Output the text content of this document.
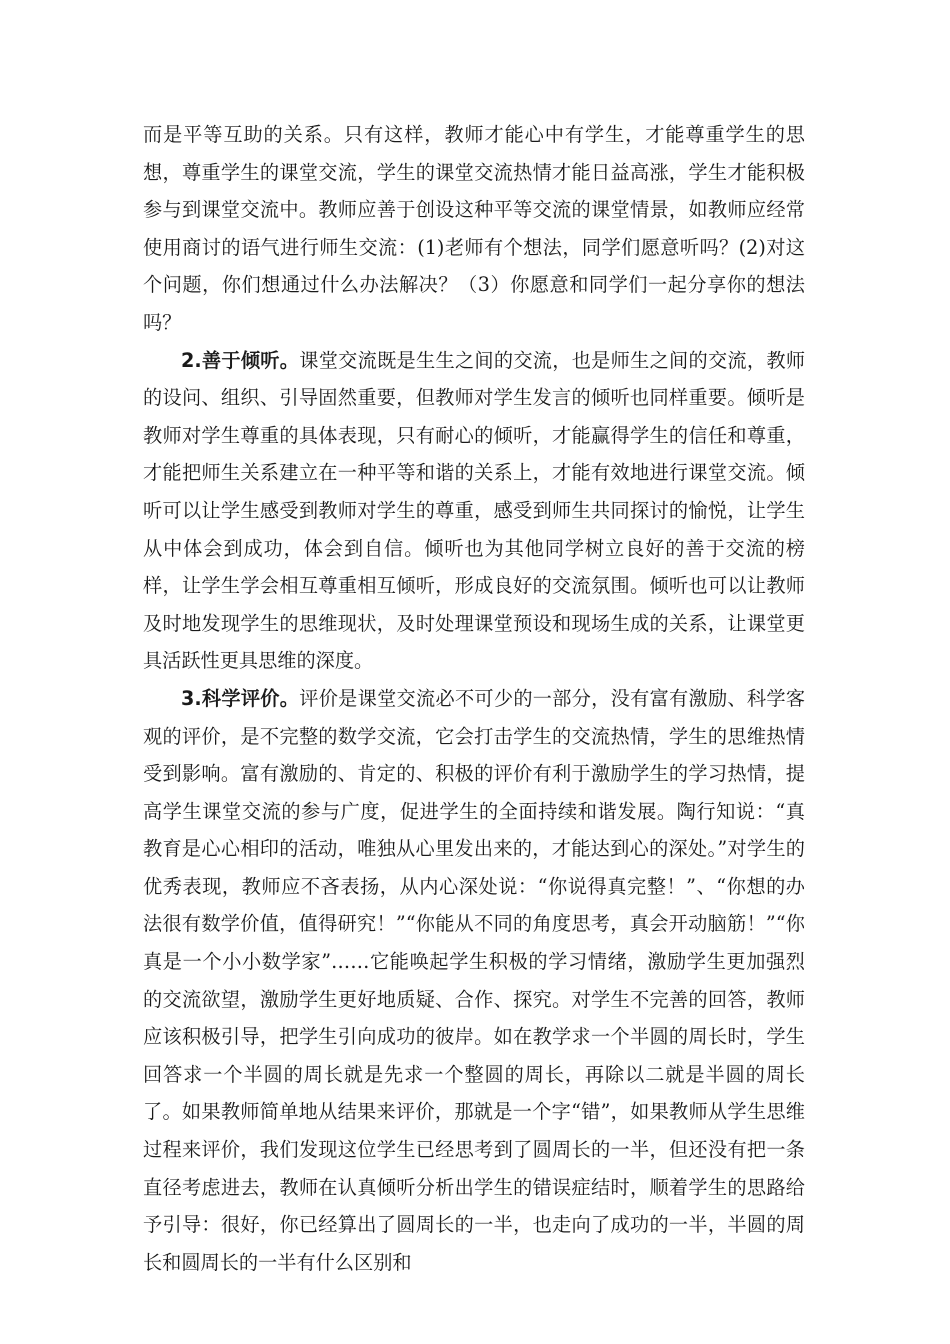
而是平等互助的关系。只有这样，教师才能心中有学生，才能尊重学生的思想，尊重学生的课堂交流，学生的课堂交流热情才能日益高涨，学生才能积极参与到课堂交流中。教师应善于创设这种平等交流的课堂情景，如教师应经常使用商讨的语气进行师生交流：(1)老师有个想法，同学们愿意听吗？(2)对这个问题，你们想通过什么办法解决？（3）你愿意和同学们一起分享你的想法吗？

2.善于倾听。课堂交流既是生生之间的交流，也是师生之间的交流，教师的设问、组织、引导固然重要，但教师对学生发言的倾听也同样重要。倾听是教师对学生尊重的具体表现，只有耐心的倾听，才能赢得学生的信任和尊重，才能把师生关系建立在一种平等和谐的关系上，才能有效地进行课堂交流。倾听可以让学生感受到教师对学生的尊重，感受到师生共同探讨的愉悦，让学生从中体会到成功，体会到自信。倾听也为其他同学树立良好的善于交流的榜样，让学生学会相互尊重相互倾听，形成良好的交流氛围。倾听也可以让教师及时地发现学生的思维现状，及时处理课堂预设和现场生成的关系，让课堂更具活跃性更具思维的深度。

3.科学评价。评价是课堂交流必不可少的一部分，没有富有激励、科学客观的评价，是不完整的数学交流，它会打击学生的交流热情，学生的思维热情受到影响。富有激励的、肯定的、积极的评价有利于激励学生的学习热情，提高学生课堂交流的参与广度，促进学生的全面持续和谐发展。陶行知说：“真教育是心心相印的活动，唯独从心里发出来的，才能达到心的深处。”对学生的优秀表现，教师应不吝表扬，从内心深处说：“你说得真完整！”、“你想的办法很有数学价值，值得研究！”“你能从不同的角度思考，真会开动脑筋！”“你真是一个小小数学家”……它能唤起学生积极的学习情绪，激励学生更加强烈的交流欲望，激励学生更好地质疑、合作、探究。对学生不完善的回答，教师应该积极引导，把学生引向成功的彼岸。如在教学求一个半圆的周长时，学生回答求一个半圆的周长就是先求一个整圆的周长，再除以二就是半圆的周长了。如果教师简单地从结果来评价，那就是一个字“错”，如果教师从学生思维过程来评价，我们发现这位学生已经思考到了圆周长的一半，但还没有把一条直径考虑进去，教师在认真倾听分析出学生的错误症结时，顺着学生的思路给予引导：很好，你已经算出了圆周长的一半，也走向了成功的一半，半圆的周长和圆周长的一半有什么区别和
